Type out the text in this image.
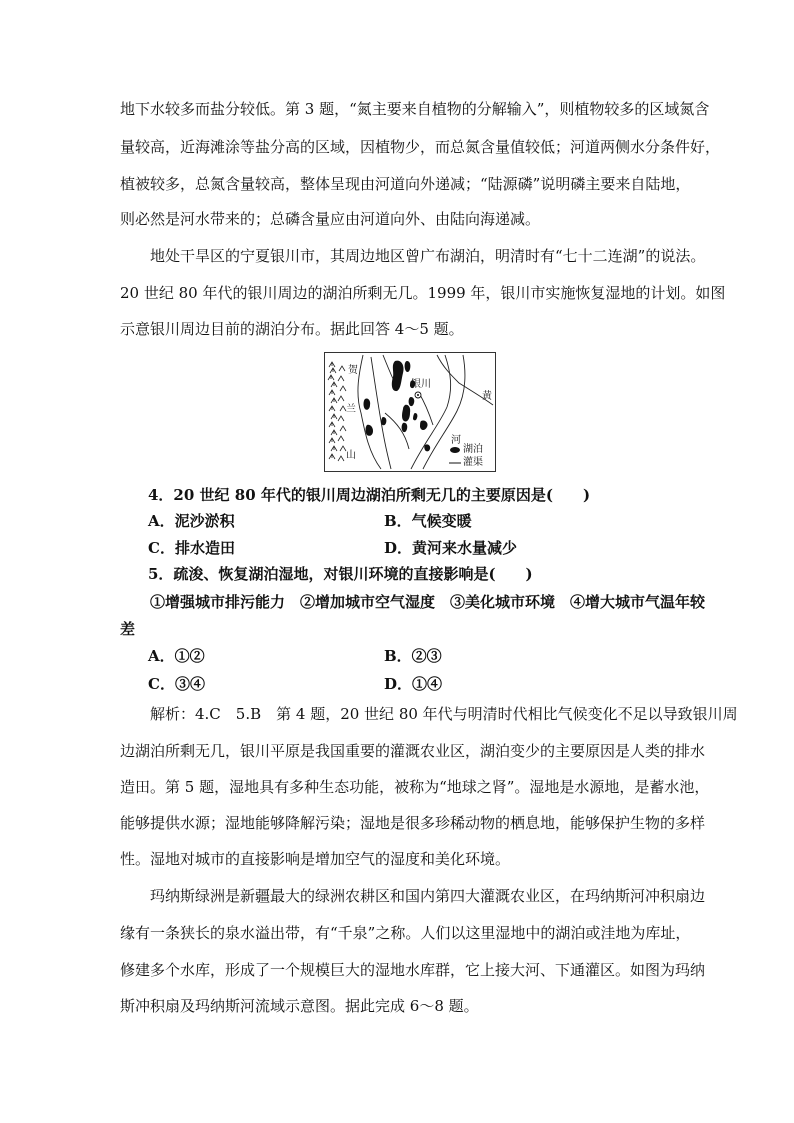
地下水较多而盐分较低。第 3 题，“氮主要来自植物的分解输入”，则植物较多的区域氮含
量较高，近海滩涂等盐分高的区域，因植物少，而总氮含量值较低；河道两侧水分条件好，
植被较多，总氮含量较高，整体呈现由河道向外递减；“陆源磷”说明磷主要来自陆地，
则必然是河水带来的；总磷含量应由河道向外、由陆向海递减。
地处干旱区的宁夏银川市，其周边地区曾广布湖泊，明清时有“七十二连湖”的说法。
20 世纪 80 年代的银川周边的湖泊所剩无几。1999 年，银川市实施恢复湿地的计划。如图
示意银川周边目前的湖泊分布。据此回答 4～5 题。
贺
兰
山
银川
黄
河
湖泊
灌渠
4．20 世纪 80 年代的银川周边湖泊所剩无几的主要原因是(　　)
A．泥沙淤积	B．气候变暖
C．排水造田	D．黄河来水量减少
5．疏浚、恢复湖泊湿地，对银川环境的直接影响是(　　)
①增强城市排污能力　②增加城市空气湿度　③美化城市环境　④增大城市气温年较
差
A．①②	B．②③
C．③④	D．①④
解析：4.C　5.B　第 4 题，20 世纪 80 年代与明清时代相比气候变化不足以导致银川周
边湖泊所剩无几，银川平原是我国重要的灌溉农业区，湖泊变少的主要原因是人类的排水
造田。第 5 题，湿地具有多种生态功能，被称为“地球之肾”。湿地是水源地，是蓄水池，
能够提供水源；湿地能够降解污染；湿地是很多珍稀动物的栖息地，能够保护生物的多样
性。湿地对城市的直接影响是增加空气的湿度和美化环境。
玛纳斯绿洲是新疆最大的绿洲农耕区和国内第四大灌溉农业区，在玛纳斯河冲积扇边
缘有一条狭长的泉水溢出带，有“千泉”之称。人们以这里湿地中的湖泊或洼地为库址，
修建多个水库，形成了一个规模巨大的湿地水库群，它上接大河、下通灌区。如图为玛纳
斯冲积扇及玛纳斯河流域示意图。据此完成 6～8 题。
